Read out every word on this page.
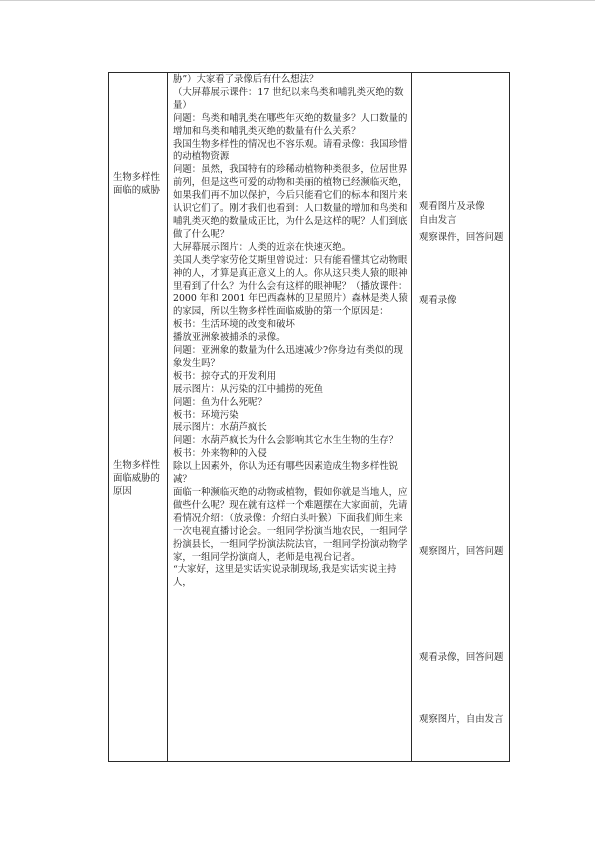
生物多样性面临的威胁
生物多样性面临威胁的原因

胁”）大家看了录像后有什么想法？

（大屏幕展示课件：17 世纪以来鸟类和哺乳类灭绝的数量）

问题：鸟类和哺乳类在哪些年灭绝的数量多？人口数量的增加和鸟类和哺乳类灭绝的数量有什么关系？

我国生物多样性的情况也不容乐观。请看录像：我国珍惜的动植物资源

问题：虽然，我国特有的珍稀动植物种类很多，位居世界前列，但是这些可爱的动物和美丽的植物已经濒临灭绝，如果我们再不加以保护，今后只能看它们的标本和图片来认识它们了。刚才我们也看到：人口数量的增加和鸟类和哺乳类灭绝的数量成正比，为什么是这样的呢？人们到底做了什么呢？

大屏幕展示图片：人类的近亲在快速灭绝。

美国人类学家劳伦艾斯里曾说过：只有能看懂其它动物眼神的人，才算是真正意义上的人。你从这只类人猿的眼神里看到了什么？为什么会有这样的眼神呢？（播放课件：2000 年和 2001 年巴西森林的卫星照片）森林是类人猿的家园，所以生物多样性面临威胁的第一个原因是：

板书：生活环境的改变和破坏

播放亚洲象被捕杀的录像。

问题：亚洲象的数量为什么迅速减少?你身边有类似的现象发生吗？

板书：掠夺式的开发利用

展示图片：从污染的江中捕捞的死鱼

问题：鱼为什么死呢？

板书：环境污染

展示图片：水葫芦疯长

问题：水葫芦疯长为什么会影响其它水生生物的生存？

板书：外来物种的入侵

除以上因素外，你认为还有哪些因素造成生物多样性锐减？

面临一种濒临灭绝的动物或植物，假如你就是当地人，应做些什么呢？现在就有这样一个难题摆在大家面前，先请看情况介绍：（放录像：介绍白头叶猴）下面我们师生来一次电视直播讨论会。一组同学扮演当地农民，一组同学扮演县长，一组同学扮演法院法官，一组同学扮演动物学家，一组同学扮演商人，老师是电视台记者。

“大家好，这里是实话实说录制现场,我是实话实说主持人，

观看图片及录像
自由发言
观察课件，回答问题
观看录像
观察图片，回答问题
观看录像，回答问题
观察图片，自由发言
